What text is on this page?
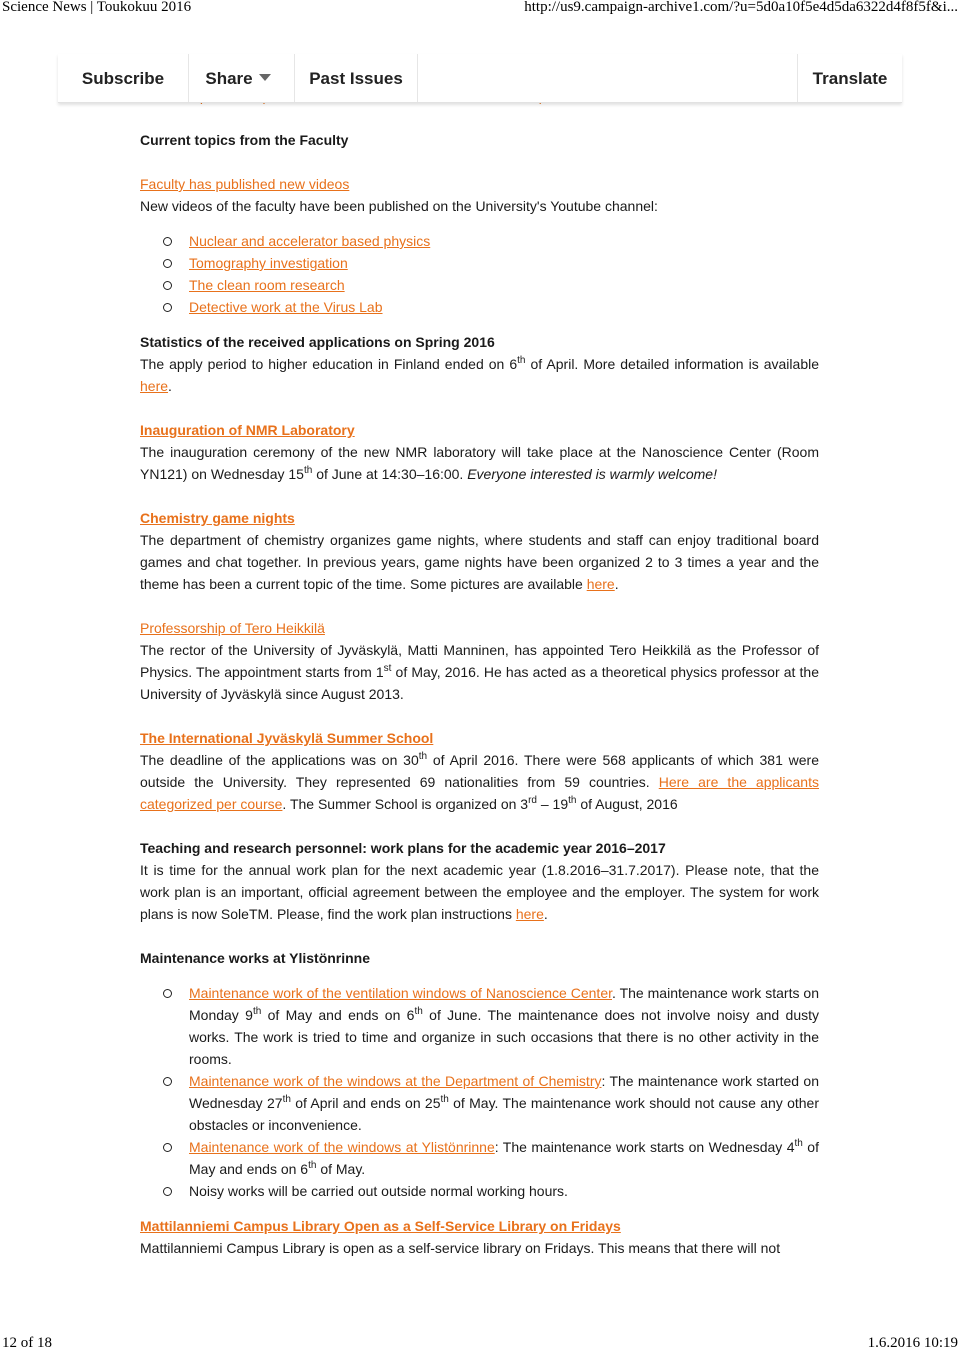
Science News | Toukokuu 2016	http://us9.campaign-archive1.com/?u=5d0a10f5e4d5da6322d4f8f5f&i...
Subscribe	Share	Past Issues	Translate

Current topics from the Faculty

Faculty has published new videos

New videos of the faculty have been published on the University's Youtube channel:

Nuclear and accelerator based physics
Tomography investigation
The clean room research
Detective work at the Virus Lab

Statistics of the received applications on Spring 2016

The apply period to higher education in Finland ended on 6th of April. More detailed information is available here.

Inauguration of NMR Laboratory

The inauguration ceremony of the new NMR laboratory will take place at the Nanoscience Center (Room YN121) on Wednesday 15th of June at 14:30–16:00. Everyone interested is warmly welcome!

Chemistry game nights

The department of chemistry organizes game nights, where students and staff can enjoy traditional board games and chat together. In previous years, game nights have been organized 2 to 3 times a year and the theme has been a current topic of the time. Some pictures are available here.

Professorship of Tero Heikkilä

The rector of the University of Jyväskylä, Matti Manninen, has appointed Tero Heikkilä as the Professor of Physics. The appointment starts from 1st of May, 2016. He has acted as a theoretical physics professor at the University of Jyväskylä since August 2013.

The International Jyväskylä Summer School

The deadline of the applications was on 30th of April 2016. There were 568 applicants of which 381 were outside the University. They represented 69 nationalities from 59 countries. Here are the applicants categorized per course. The Summer School is organized on 3rd – 19th of August, 2016

Teaching and research personnel: work plans for the academic year 2016–2017

It is time for the annual work plan for the next academic year (1.8.2016–31.7.2017). Please note, that the work plan is an important, official agreement between the employee and the employer. The system for work plans is now SoleTM. Please, find the work plan instructions here.

Maintenance works at Ylistönrinne

Maintenance work of the ventilation windows of Nanoscience Center. The maintenance work starts on Monday 9th of May and ends on 6th of June. The maintenance does not involve noisy and dusty works. The work is tried to time and organize in such occasions that there is no other activity in the rooms.
Maintenance work of the windows at the Department of Chemistry: The maintenance work started on Wednesday 27th of April and ends on 25th of May. The maintenance work should not cause any other obstacles or inconvenience.
Maintenance work of the windows at Ylistönrinne: The maintenance work starts on Wednesday 4th of May and ends on 6th of May.
Noisy works will be carried out outside normal working hours.

Mattilanniemi Campus Library Open as a Self-Service Library on Fridays

Mattilanniemi Campus Library is open as a self-service library on Fridays. This means that there will not

12 of 18	1.6.2016 10:19
